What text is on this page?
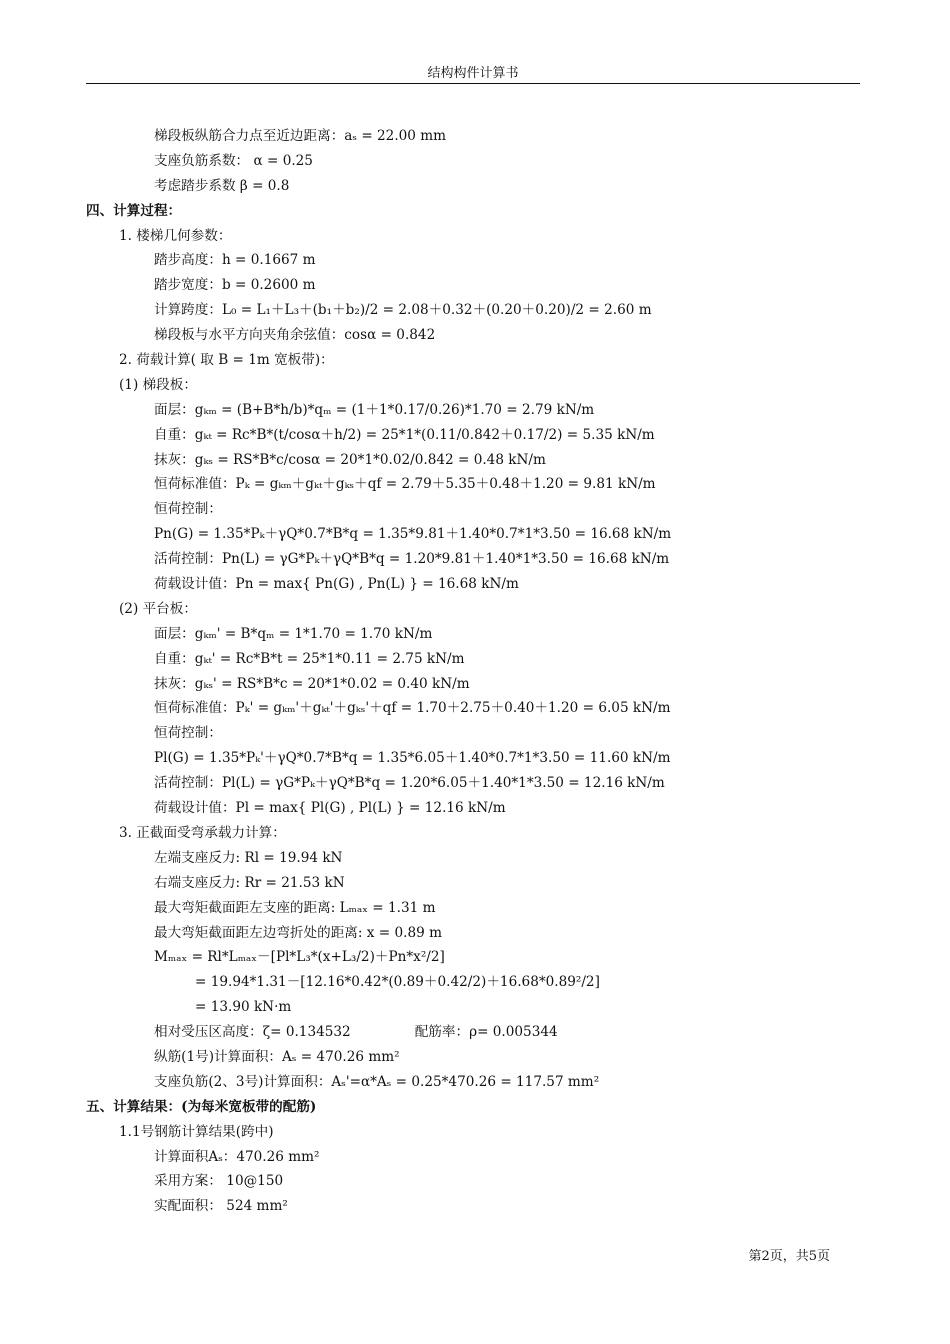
结构构件计算书
梯段板纵筋合力点至近边距离：aₛ = 22.00 mm
支座负筋系数： α = 0.25
考虑踏步系数 β = 0.8
四、计算过程：
1. 楼梯几何参数：
踏步高度：h = 0.1667 m
踏步宽度：b = 0.2600 m
计算跨度：L₀ = L₁＋L₃＋(b₁＋b₂)/2 = 2.08＋0.32＋(0.20＋0.20)/2 = 2.60 m
梯段板与水平方向夹角余弦值：cosα = 0.842
2. 荷载计算( 取 B = 1m 宽板带)：
(1) 梯段板：
面层：gₖₘ = (B+B*h/b)*qₘ = (1＋1*0.17/0.26)*1.70 = 2.79 kN/m
自重：gₖₜ = Rc*B*(t/cosα＋h/2) = 25*1*(0.11/0.842＋0.17/2) = 5.35 kN/m
抹灰：gₖₛ = RS*B*c/cosα = 20*1*0.02/0.842 = 0.48 kN/m
恒荷标准值：Pₖ = gₖₘ＋gₖₜ＋gₖₛ＋qf = 2.79＋5.35＋0.48＋1.20 = 9.81 kN/m
恒荷控制：
Pn(G) = 1.35*Pₖ＋γQ*0.7*B*q = 1.35*9.81＋1.40*0.7*1*3.50 = 16.68 kN/m
活荷控制：Pn(L) = γG*Pₖ＋γQ*B*q = 1.20*9.81＋1.40*1*3.50 = 16.68 kN/m
荷载设计值：Pn = max{ Pn(G) , Pn(L) } = 16.68 kN/m
(2) 平台板：
面层：gₖₘ' = B*qₘ = 1*1.70 = 1.70 kN/m
自重：gₖₜ' = Rc*B*t = 25*1*0.11 = 2.75 kN/m
抹灰：gₖₛ' = RS*B*c = 20*1*0.02 = 0.40 kN/m
恒荷标准值：Pₖ' = gₖₘ'＋gₖₜ'＋gₖₛ'＋qf = 1.70＋2.75＋0.40＋1.20 = 6.05 kN/m
恒荷控制：
Pl(G) = 1.35*Pₖ'＋γQ*0.7*B*q = 1.35*6.05＋1.40*0.7*1*3.50 = 11.60 kN/m
活荷控制：Pl(L) = γG*Pₖ＋γQ*B*q = 1.20*6.05＋1.40*1*3.50 = 12.16 kN/m
荷载设计值：Pl = max{ Pl(G) , Pl(L) } = 12.16 kN/m
3. 正截面受弯承载力计算：
左端支座反力: Rl = 19.94 kN
右端支座反力: Rr = 21.53 kN
最大弯矩截面距左支座的距离: Lₘₐₓ = 1.31 m
最大弯矩截面距左边弯折处的距离: x = 0.89 m
Mₘₐₓ = Rl*Lₘₐₓ－[Pl*L₃*(x+L₃/2)＋Pn*x²/2]
= 19.94*1.31－[12.16*0.42*(0.89＋0.42/2)＋16.68*0.89²/2]
= 13.90 kN·m
相对受压区高度：ζ= 0.134532	配筋率：ρ= 0.005344
纵筋(1号)计算面积：Aₛ = 470.26 mm²
支座负筋(2、3号)计算面积：Aₛ'=α*Aₛ = 0.25*470.26 = 117.57 mm²
五、计算结果：(为每米宽板带的配筋)
1.1号钢筋计算结果(跨中)
计算面积Aₛ：470.26 mm²
采用方案： 10@150
实配面积： 524 mm²
第2页，共5页
